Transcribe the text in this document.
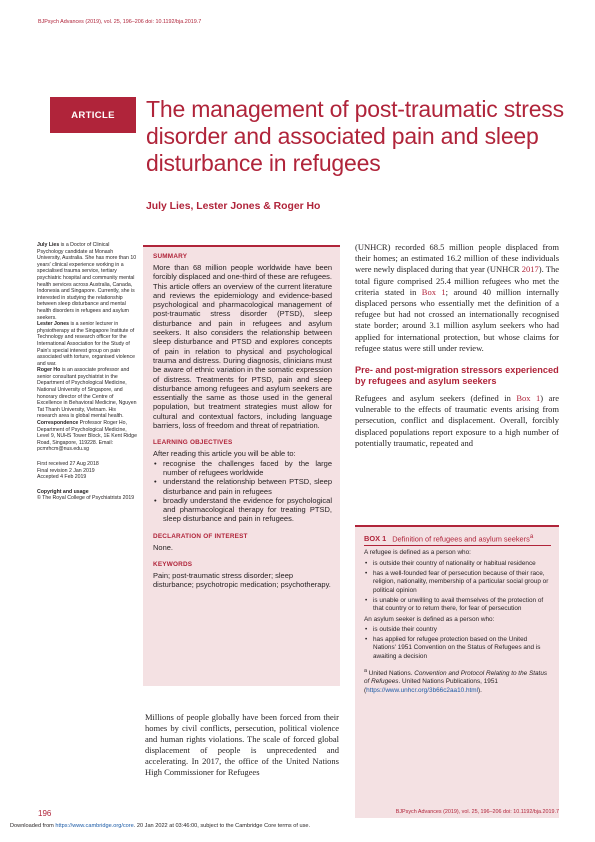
BJPsych Advances (2019), vol. 25, 196–206 doi: 10.1192/bja.2019.7
ARTICLE	The management of post-traumatic stress disorder and associated pain and sleep disturbance in refugees
July Lies, Lester Jones & Roger Ho

July Lies is a Doctor of Clinical Psychology candidate at Monash University, Australia. She has more than 10 years' clinical experience working in a specialised trauma service, tertiary psychiatric hospital and community mental health services across Australia, Canada, Indonesia and Singapore. Currently, she is interested in studying the relationship between sleep disturbance and mental health disorders in refugees and asylum seekers.

Lester Jones is a senior lecturer in physiotherapy at the Singapore Institute of Technology and research officer for the International Association for the Study of Pain's special interest group on pain associated with torture, organised violence and war.

Roger Ho is an associate professor and senior consultant psychiatrist in the Department of Psychological Medicine, National University of Singapore, and honorary director of the Centre of Excellence in Behavioral Medicine, Nguyen Tat Thanh University, Vietnam. His research area is global mental health.

Correspondence Professor Roger Ho, Department of Psychological Medicine, Level 9, NUHS Tower Block, 1E Kent Ridge Road, Singapore, 119228. Email: pcmrhcm@nus.edu.sg

First received 27 Aug 2018

Final revision 2 Jan 2019

Accepted 4 Feb 2019

Copyright and usage

© The Royal College of Psychiatrists 2019

SUMMARY

More than 68 million people worldwide have been forcibly displaced and one-third of these are refugees. This article offers an overview of the current literature and reviews the epidemiology and evidence-based psychological and pharmacological management of post-traumatic stress disorder (PTSD), sleep disturbance and pain in refugees and asylum seekers. It also considers the relationship between sleep disturbance and PTSD and explores concepts of pain in relation to physical and psychological trauma and distress. During diagnosis, clinicians must be aware of ethnic variation in the somatic expression of distress. Treatments for PTSD, pain and sleep disturbance among refugees and asylum seekers are essentially the same as those used in the general population, but treatment strategies must allow for cultural and contextual factors, including language barriers, loss of freedom and threat of repatriation.

LEARNING OBJECTIVES

After reading this article you will be able to:

• recognise the challenges faced by the large number of refugees worldwide
• understand the relationship between PTSD, sleep disturbance and pain in refugees
• broadly understand the evidence for psychological and pharmacological therapy for treating PTSD, sleep disturbance and pain in refugees.

DECLARATION OF INTEREST

None.

KEYWORDS

Pain; post-traumatic stress disorder; sleep disturbance; psychotropic medication; psychotherapy.

Millions of people globally have been forced from their homes by civil conflicts, persecution, political violence and human rights violations. The scale of forced global displacement of people is unprecedented and accelerating. In 2017, the office of the United Nations High Commissioner for Refugees

(UNHCR) recorded 68.5 million people displaced from their homes; an estimated 16.2 million of these individuals were newly displaced during that year (UNHCR 2017). The total figure comprised 25.4 million refugees who met the criteria stated in Box 1; around 40 million internally displaced persons who essentially met the definition of a refugee but had not crossed an internationally recognised state border; around 3.1 million asylum seekers who had applied for international protection, but whose claims for refugee status were still under review.

Pre- and post-migration stressors experienced by refugees and asylum seekers

Refugees and asylum seekers (defined in Box 1) are vulnerable to the effects of traumatic events arising from persecution, conflict and displacement. Overall, forcibly displaced populations report exposure to a high number of potentially traumatic, repeated and

BOX 1 Definition of refugees and asylum seekers$^a$

A refugee is defined as a person who:

• is outside their country of nationality or habitual residence
• has a well-founded fear of persecution because of their race, religion, nationality, membership of a particular social group or political opinion
• is unable or unwilling to avail themselves of the protection of that country or to return there, for fear of persecution

An asylum seeker is defined as a person who:

• is outside their country
• has applied for refugee protection based on the United Nations' 1951 Convention on the Status of Refugees and is awaiting a decision

$^a$ United Nations. Convention and Protocol Relating to the Status of Refugees. United Nations Publications, 1951 (https://www.unhcr.org/3b66c2aa10.html).

196	BJPsych Advances (2019), vol. 25, 196–206 doi: 10.1192/bja.2019.7
Downloaded from https://www.cambridge.org/core. 20 Jan 2022 at 03:46:00, subject to the Cambridge Core terms of use.
